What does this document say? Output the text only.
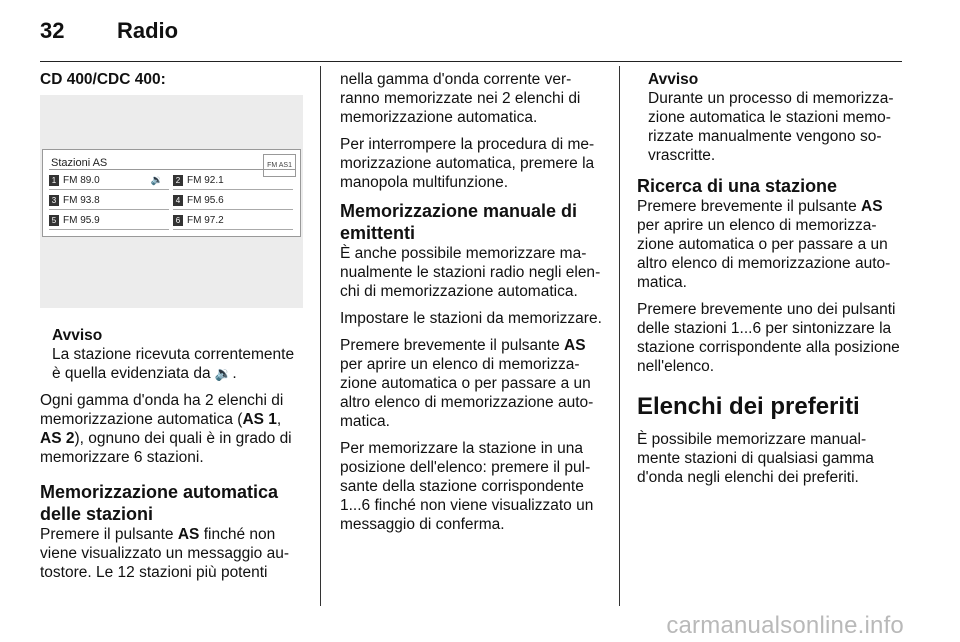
32 Radio
CD 400/CDC 400:
Stazioni AS	FM AS1
1 FM 89.0	🔉	2 FM 92.1
3 FM 93.8	4 FM 95.6
5 FM 95.9	6 FM 97.2
Avviso
La stazione ricevuta correntemente è quella evidenziata da 🔉.

Ogni gamma d'onda ha 2 elenchi di memorizzazione automatica (AS 1, AS 2), ognuno dei quali è in grado di memorizzare 6 stazioni.

Memorizzazione automatica delle stazioni

Premere il pulsante AS finché non viene visualizzato un messaggio autostore. Le 12 stazioni più potenti

nella gamma d'onda corrente verranno memorizzate nei 2 elenchi di memorizzazione automatica.

Per interrompere la procedura di memorizzazione automatica, premere la manopola multifunzione.

Memorizzazione manuale di emittenti

È anche possibile memorizzare manualmente le stazioni radio negli elenchi di memorizzazione automatica.

Impostare le stazioni da memorizzare.

Premere brevemente il pulsante AS per aprire un elenco di memorizzazione automatica o per passare a un altro elenco di memorizzazione automatica.

Per memorizzare la stazione in una posizione dell'elenco: premere il pulsante della stazione corrispondente 1...6 finché non viene visualizzato un messaggio di conferma.

Avviso
Durante un processo di memorizzazione automatica le stazioni memorizzate manualmente vengono sovrascritte.
Ricerca di una stazione

Premere brevemente il pulsante AS per aprire un elenco di memorizzazione automatica o per passare a un altro elenco di memorizzazione automatica.

Premere brevemente uno dei pulsanti delle stazioni 1...6 per sintonizzare la stazione corrispondente alla posizione nell'elenco.

Elenchi dei preferiti

È possibile memorizzare manualmente stazioni di qualsiasi gamma d'onda negli elenchi dei preferiti.

carmanualsonline.info
